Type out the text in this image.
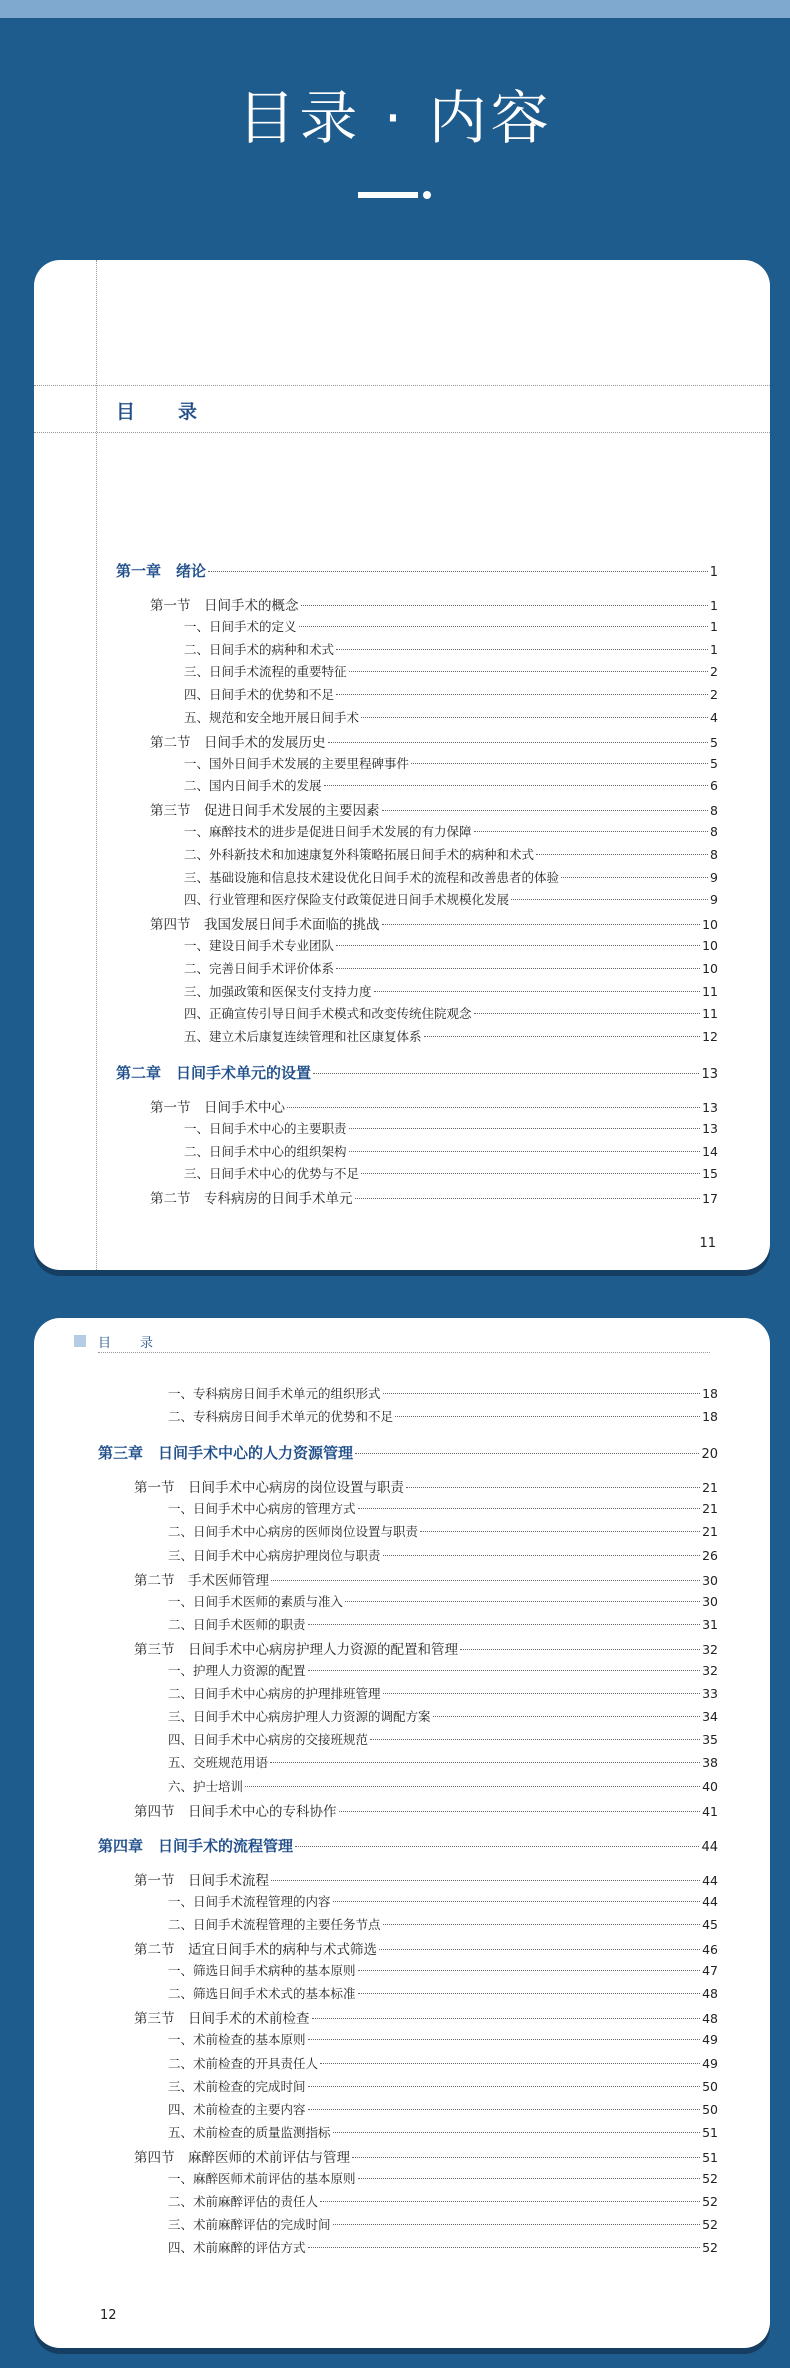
目录 · 内容
目　录
第一章　绪论	1
第一节　日间手术的概念	1
一、日间手术的定义	1
二、日间手术的病种和术式	1
三、日间手术流程的重要特征	2
四、日间手术的优势和不足	2
五、规范和安全地开展日间手术	4
第二节　日间手术的发展历史	5
一、国外日间手术发展的主要里程碑事件	5
二、国内日间手术的发展	6
第三节　促进日间手术发展的主要因素	8
一、麻醉技术的进步是促进日间手术发展的有力保障	8
二、外科新技术和加速康复外科策略拓展日间手术的病种和术式	8
三、基础设施和信息技术建设优化日间手术的流程和改善患者的体验	9
四、行业管理和医疗保险支付政策促进日间手术规模化发展	9
第四节　我国发展日间手术面临的挑战	10
一、建设日间手术专业团队	10
二、完善日间手术评价体系	10
三、加强政策和医保支付支持力度	11
四、正确宣传引导日间手术模式和改变传统住院观念	11
五、建立术后康复连续管理和社区康复体系	12
第二章　日间手术单元的设置	13
第一节　日间手术中心	13
一、日间手术中心的主要职责	13
二、日间手术中心的组织架构	14
三、日间手术中心的优势与不足	15
第二节　专科病房的日间手术单元	17
11
目　录
一、专科病房日间手术单元的组织形式	18
二、专科病房日间手术单元的优势和不足	18
第三章　日间手术中心的人力资源管理	20
第一节　日间手术中心病房的岗位设置与职责	21
一、日间手术中心病房的管理方式	21
二、日间手术中心病房的医师岗位设置与职责	21
三、日间手术中心病房护理岗位与职责	26
第二节　手术医师管理	30
一、日间手术医师的素质与准入	30
二、日间手术医师的职责	31
第三节　日间手术中心病房护理人力资源的配置和管理	32
一、护理人力资源的配置	32
二、日间手术中心病房的护理排班管理	33
三、日间手术中心病房护理人力资源的调配方案	34
四、日间手术中心病房的交接班规范	35
五、交班规范用语	38
六、护士培训	40
第四节　日间手术中心的专科协作	41
第四章　日间手术的流程管理	44
第一节　日间手术流程	44
一、日间手术流程管理的内容	44
二、日间手术流程管理的主要任务节点	45
第二节　适宜日间手术的病种与术式筛选	46
一、筛选日间手术病种的基本原则	47
二、筛选日间手术术式的基本标准	48
第三节　日间手术的术前检查	48
一、术前检查的基本原则	49
二、术前检查的开具责任人	49
三、术前检查的完成时间	50
四、术前检查的主要内容	50
五、术前检查的质量监测指标	51
第四节　麻醉医师的术前评估与管理	51
一、麻醉医师术前评估的基本原则	52
二、术前麻醉评估的责任人	52
三、术前麻醉评估的完成时间	52
四、术前麻醉的评估方式	52
12
